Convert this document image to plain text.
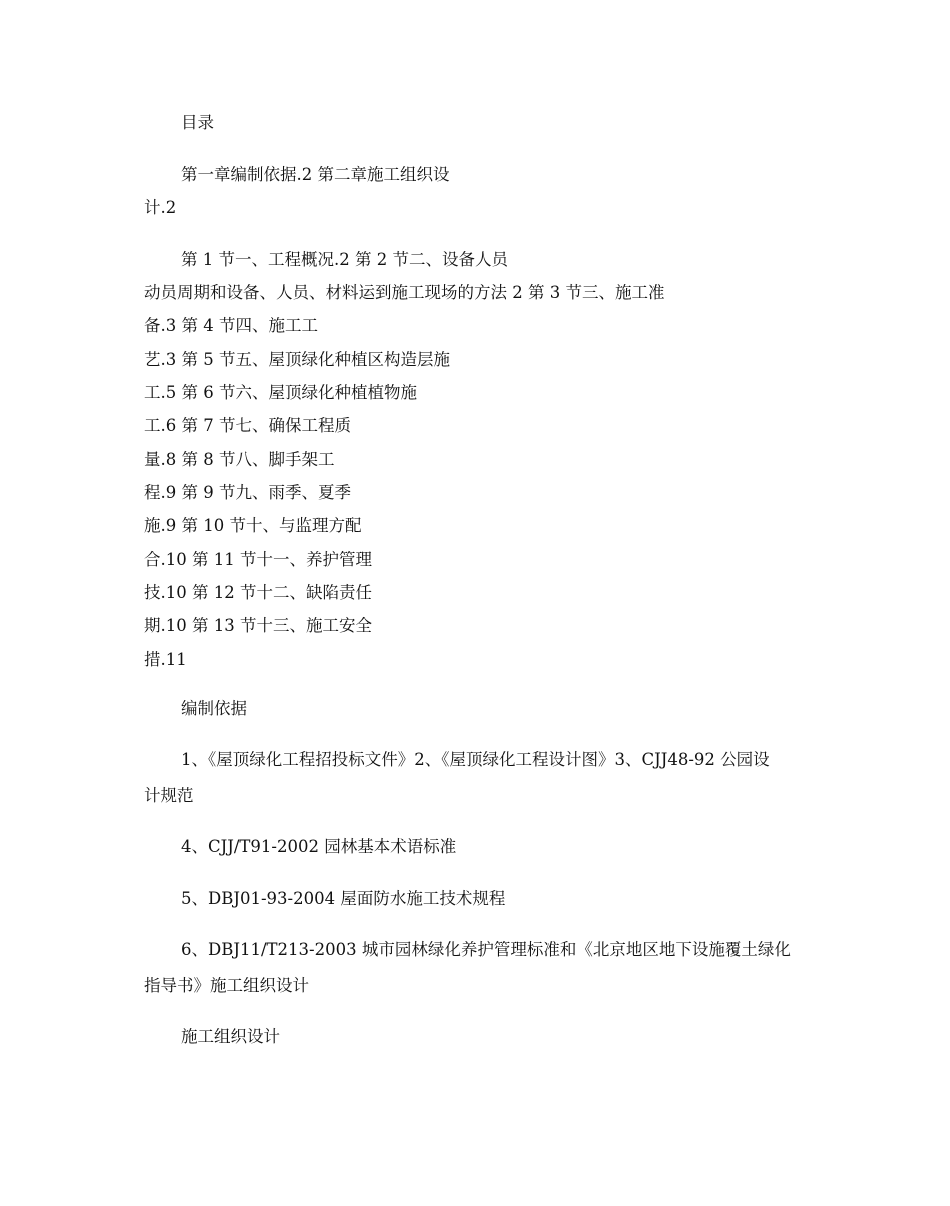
目录
第一章编制依据.2 第二章施工组织设
计.2
第 1 节一、工程概况.2 第 2 节二、设备人员
动员周期和设备、人员、材料运到施工现场的方法 2 第 3 节三、施工准
备.3 第 4 节四、施工工
艺.3 第 5 节五、屋顶绿化种植区构造层施
工.5 第 6 节六、屋顶绿化种植植物施
工.6 第 7 节七、确保工程质
量.8 第 8 节八、脚手架工
程.9 第 9 节九、雨季、夏季
施.9 第 10 节十、与监理方配
合.10 第 11 节十一、养护管理
技.10 第 12 节十二、缺陷责任
期.10 第 13 节十三、施工安全
措.11
编制依据
1、《屋顶绿化工程招投标文件》2、《屋顶绿化工程设计图》3、CJJ48-92 公园设
计规范
4、CJJ/T91-2002 园林基本术语标准
5、DBJ01-93-2004 屋面防水施工技术规程
6、DBJ11/T213-2003 城市园林绿化养护管理标准和《北京地区地下设施覆土绿化
指导书》施工组织设计
施工组织设计
